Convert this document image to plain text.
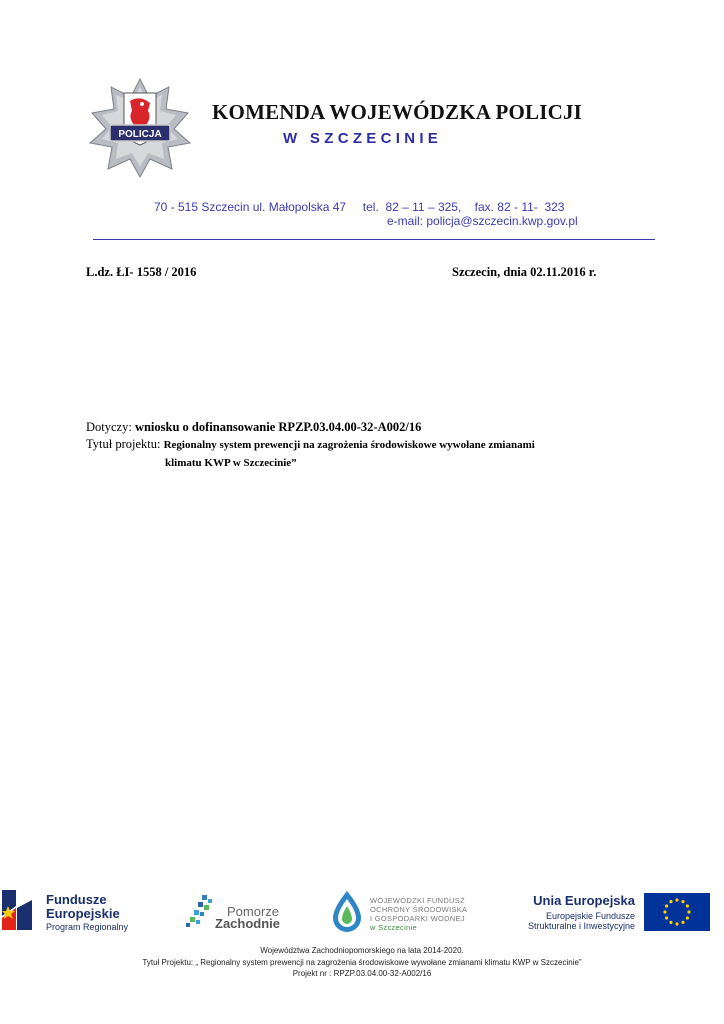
POLICJA
KOMENDA WOJEWÓDZKA POLICJI
W SZCZECINIE
70 - 515 Szczecin ul. Małopolska 47     tel.  82 – 11 – 325,    fax. 82 - 11-  323
e-mail: policja@szczecin.kwp.gov.pl
L.dz. ŁI- 1558 / 2016	Szczecin, dnia 02.11.2016 r.
Dotyczy: wniosku o dofinansowanie RPZP.03.04.00-32-A002/16
Tytuł projektu: Regionalny system prewencji na zagrożenia środowiskowe wywołane zmianami
klimatu KWP w Szczecinie”
Fundusze
Europejskie
Program Regionalny
Pomorze
Zachodnie
WOJEWÓDZKI FUNDUSZ
OCHRONY ŚRODOWISKA
I GOSPODARKI WODNEJ
w Szczecinie
Unia Europejska
Europejskie Fundusze
Strukturalne i Inwestycyjne
Województwa Zachodniopomorskiego na lata 2014-2020.
Tytuł Projektu: „ Regionalny system prewencji na zagrożenia środowiskowe wywołane zmianami klimatu KWP w Szczecinie”
Projekt nr : RPZP.03.04.00-32-A002/16
